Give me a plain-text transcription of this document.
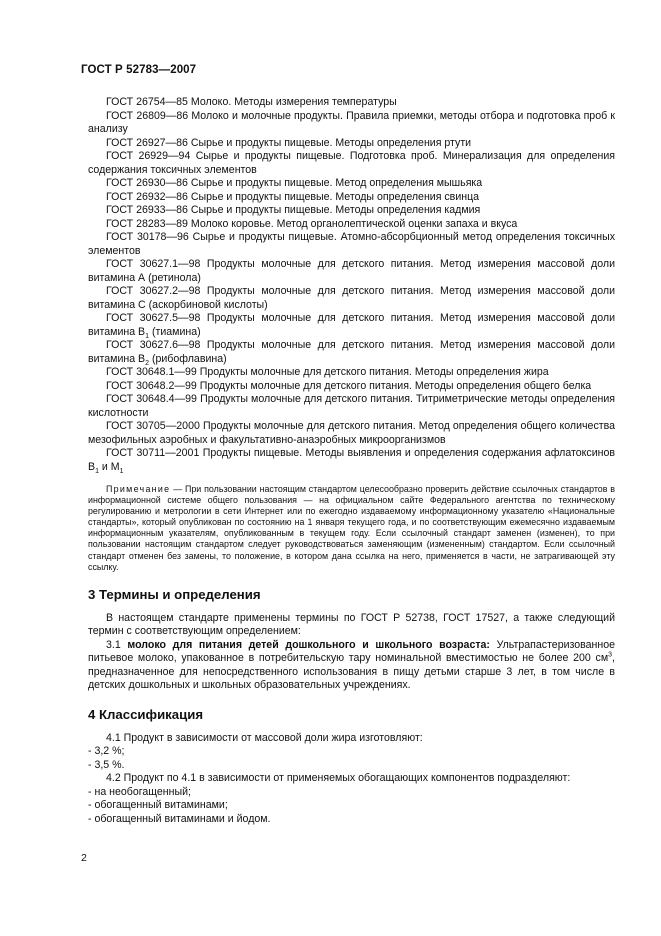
ГОСТ Р 52783—2007

ГОСТ 26754—85 Молоко. Методы измерения температуры

ГОСТ 26809—86 Молоко и молочные продукты. Правила приемки, методы отбора и подготовка проб к анализу

ГОСТ 26927—86 Сырье и продукты пищевые. Методы определения ртути

ГОСТ 26929—94 Сырье и продукты пищевые. Подготовка проб. Минерализация для определения содержания токсичных элементов

ГОСТ 26930—86 Сырье и продукты пищевые. Метод определения мышьяка

ГОСТ 26932—86 Сырье и продукты пищевые. Методы определения свинца

ГОСТ 26933—86 Сырье и продукты пищевые. Методы определения кадмия

ГОСТ 28283—89 Молоко коровье. Метод органолептической оценки запаха и вкуса

ГОСТ 30178—96 Сырье и продукты пищевые. Атомно-абсорбционный метод определения токсичных элементов

ГОСТ 30627.1—98 Продукты молочные для детского питания. Метод измерения массовой доли витамина А (ретинола)

ГОСТ 30627.2—98 Продукты молочные для детского питания. Метод измерения массовой доли витамина С (аскорбиновой кислоты)

ГОСТ 30627.5—98 Продукты молочные для детского питания. Метод измерения массовой доли витамина $В_1$ (тиамина)

ГОСТ 30627.6—98 Продукты молочные для детского питания. Метод измерения массовой доли витамина $В_2$ (рибофлавина)

ГОСТ 30648.1—99 Продукты молочные для детского питания. Методы определения жира

ГОСТ 30648.2—99 Продукты молочные для детского питания. Методы определения общего белка

ГОСТ 30648.4—99 Продукты молочные для детского питания. Титриметрические методы определения кислотности

ГОСТ 30705—2000 Продукты молочные для детского питания. Метод определения общего количества мезофильных аэробных и факультативно-анаэробных микроорганизмов

ГОСТ 30711—2001 Продукты пищевые. Методы выявления и определения содержания афлатоксинов $В_1$ и $М_1$

Примечание — При пользовании настоящим стандартом целесообразно проверить действие ссылочных стандартов в информационной системе общего пользования — на официальном сайте Федерального агентства по техническому регулированию и метрологии в сети Интернет или по ежегодно издаваемому информационному указателю «Национальные стандарты», который опубликован по состоянию на 1 января текущего года, и по соответствующим ежемесячно издаваемым информационным указателям, опубликованным в текущем году. Если ссылочный стандарт заменен (изменен), то при пользовании настоящим стандартом следует руководствоваться заменяющим (измененным) стандартом. Если ссылочный стандарт отменен без замены, то положение, в котором дана ссылка на него, применяется в части, не затрагивающей эту ссылку.

3 Термины и определения

В настоящем стандарте применены термины по ГОСТ Р 52738, ГОСТ 17527, а также следующий термин с соответствующим определением:

3.1 молоко для питания детей дошкольного и школьного возраста: Ультрапастеризованное питьевое молоко, упакованное в потребительскую тару номинальной вместимостью не более 200 $см^3$, предназначенное для непосредственного использования в пищу детьми старше 3 лет, в том числе в детских дошкольных и школьных образовательных учреждениях.

4 Классификация

4.1 Продукт в зависимости от массовой доли жира изготовляют:

- 3,2 %;

- 3,5 %.

4.2 Продукт по 4.1 в зависимости от применяемых обогащающих компонентов подразделяют:

- на необогащенный;

- обогащенный витаминами;

- обогащенный витаминами и йодом.

2
